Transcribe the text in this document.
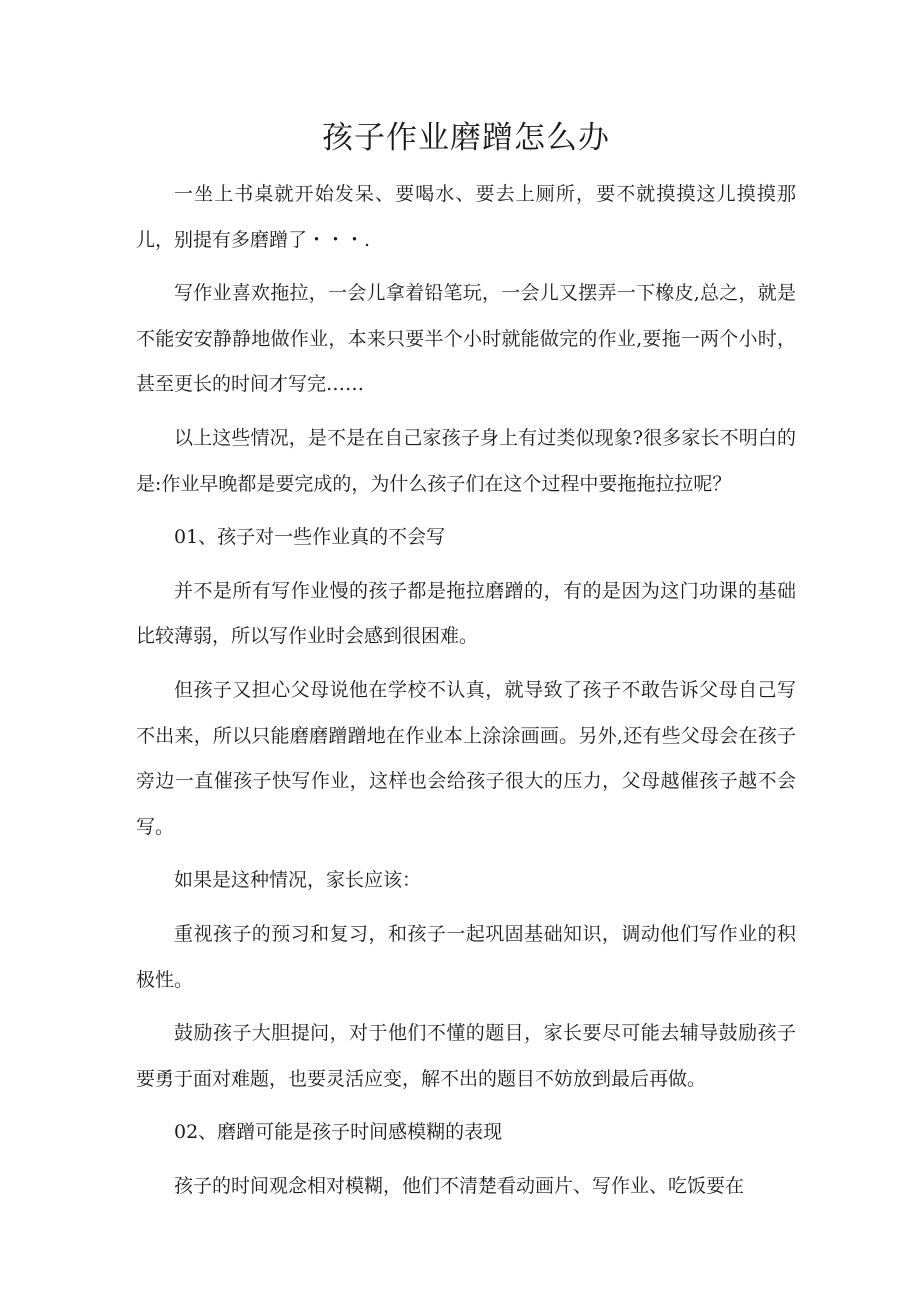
孩子作业磨蹭怎么办

一坐上书桌就开始发呆、要喝水、要去上厕所，要不就摸摸这儿摸摸那儿，别提有多磨蹭了・・・.

写作业喜欢拖拉，一会儿拿着铅笔玩，一会儿又摆弄一下橡皮,总之，就是不能安安静静地做作业，本来只要半个小时就能做完的作业,要拖一两个小时，甚至更长的时间才写完……

以上这些情况，是不是在自己家孩子身上有过类似现象?很多家长不明白的是:作业早晚都是要完成的，为什么孩子们在这个过程中要拖拖拉拉呢？

01、孩子对一些作业真的不会写

并不是所有写作业慢的孩子都是拖拉磨蹭的，有的是因为这门功课的基础比较薄弱，所以写作业时会感到很困难。

但孩子又担心父母说他在学校不认真，就导致了孩子不敢告诉父母自己写不出来，所以只能磨磨蹭蹭地在作业本上涂涂画画。另外,还有些父母会在孩子旁边一直催孩子快写作业，这样也会给孩子很大的压力，父母越催孩子越不会写。

如果是这种情况，家长应该：

重视孩子的预习和复习，和孩子一起巩固基础知识，调动他们写作业的积极性。

鼓励孩子大胆提问，对于他们不懂的题目，家长要尽可能去辅导鼓励孩子要勇于面对难题，也要灵活应变，解不出的题目不妨放到最后再做。

02、磨蹭可能是孩子时间感模糊的表现

孩子的时间观念相对模糊，他们不清楚看动画片、写作业、吃饭要在
